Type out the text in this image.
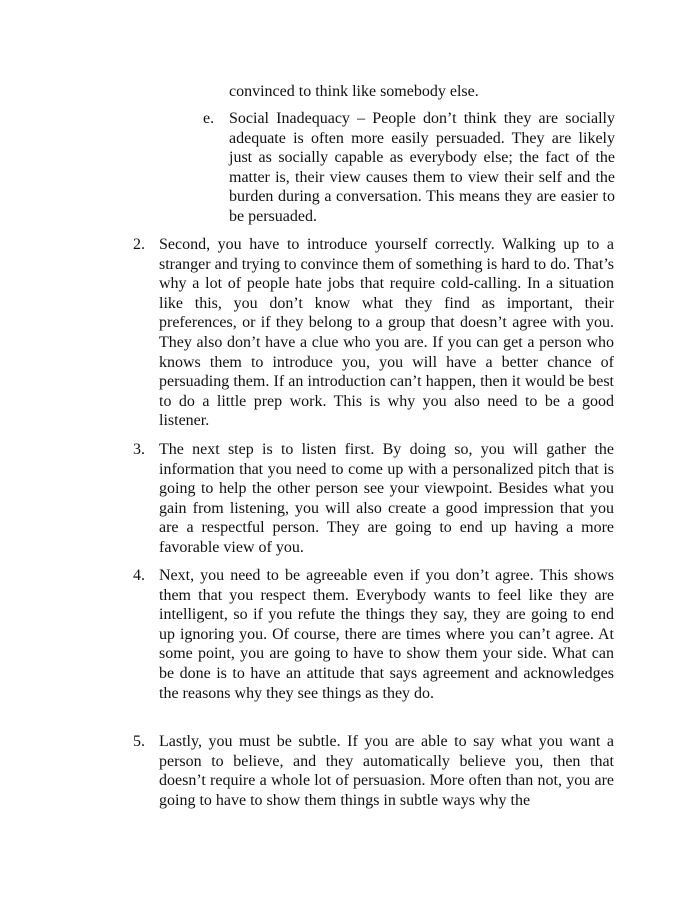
convinced to think like somebody else.

e. Social Inadequacy – People don’t think they are socially adequate is often more easily persuaded. They are likely just as socially capable as everybody else; the fact of the matter is, their view causes them to view their self and the burden during a conversation. This means they are easier to be persuaded.

2. Second, you have to introduce yourself correctly. Walking up to a stranger and trying to convince them of something is hard to do. That’s why a lot of people hate jobs that require cold-calling. In a situation like this, you don’t know what they find as important, their preferences, or if they belong to a group that doesn’t agree with you. They also don’t have a clue who you are. If you can get a person who knows them to introduce you, you will have a better chance of persuading them. If an introduction can’t happen, then it would be best to do a little prep work. This is why you also need to be a good listener.

3. The next step is to listen first. By doing so, you will gather the information that you need to come up with a personalized pitch that is going to help the other person see your viewpoint. Besides what you gain from listening, you will also create a good impression that you are a respectful person. They are going to end up having a more favorable view of you.

4. Next, you need to be agreeable even if you don’t agree. This shows them that you respect them. Everybody wants to feel like they are intelligent, so if you refute the things they say, they are going to end up ignoring you. Of course, there are times where you can’t agree. At some point, you are going to have to show them your side. What can be done is to have an attitude that says agreement and acknowledges the reasons why they see things as they do.

5. Lastly, you must be subtle. If you are able to say what you want a person to believe, and they automatically believe you, then that doesn’t require a whole lot of persuasion. More often than not, you are going to have to show them things in subtle ways why the
